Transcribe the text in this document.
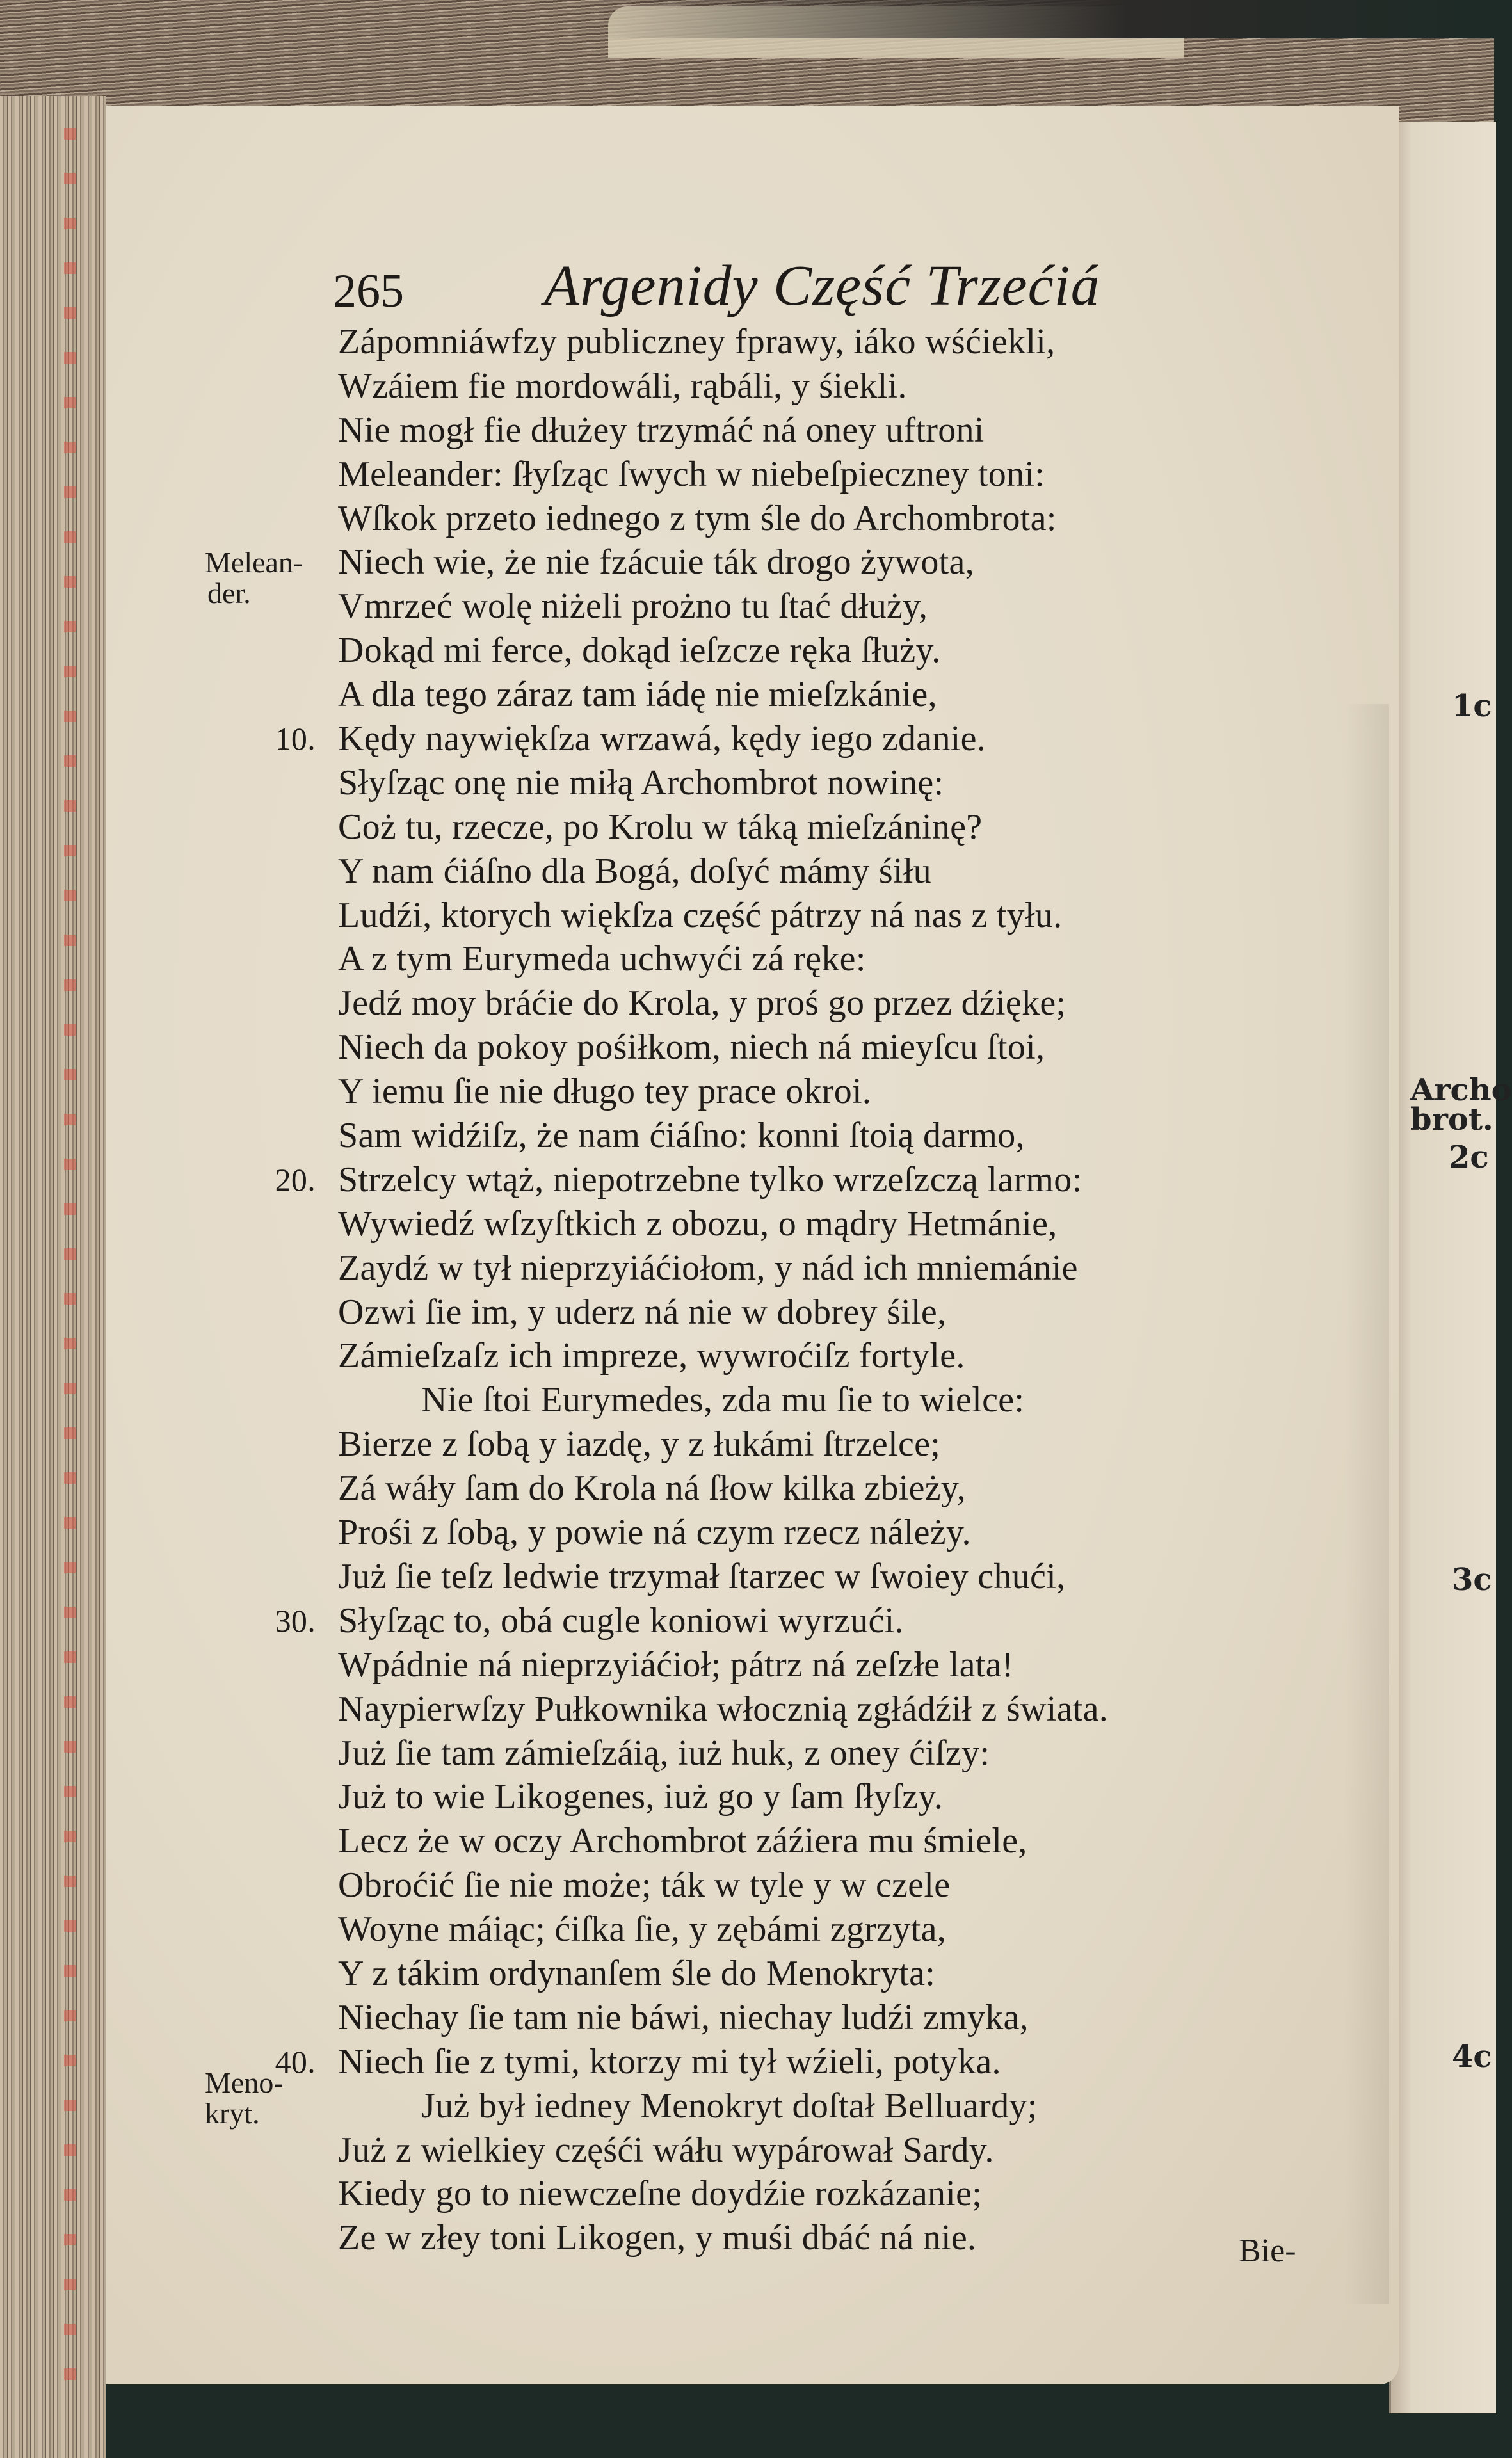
1c
Archo
brot.
2c
3c
4c
265 Argenidy Część Trzećiá
Zápomniáwfzy publiczney fprawy, iáko wśćiekli,
Wzáiem fie mordowáli, rąbáli, y śiekli.
Nie mogł fie dłużey trzymáć ná oney uftroni
Meleander: ſłyſząc ſwych w niebeſpieczney toni:
Wſkok przeto iednego z tym śle do Archombrota:
Niech wie, że nie fzácuie ták drogo żywota,
Vmrzeć wolę niżeli prożno tu ſtać dłuży,
Dokąd mi ferce, dokąd ieſzcze ręka ſłuży.
A dla tego záraz tam iádę nie mieſzkánie,
10. Kędy naywiękſza wrzawá, kędy iego zdanie.
Słyſząc onę nie miłą Archombrot nowinę:
Coż tu, rzecze, po Krolu w táką mieſzáninę?
Y nam ćiáſno dla Bogá, doſyć mámy śiłu
Ludźi, ktorych więkſza część pátrzy ná nas z tyłu.
A z tym Eurymeda uchwyći zá ręke:
Jedź moy bráćie do Krola, y proś go przez dźięke;
Niech da pokoy pośiłkom, niech ná mieyſcu ſtoi,
Y iemu ſie nie długo tey prace okroi.
Sam widźiſz, że nam ćiáſno: konni ſtoią darmo,
20. Strzelcy wtąż, niepotrzebne tylko wrzeſzczą larmo:
Wywiedź wſzyſtkich z obozu, o mądry Hetmánie,
Zaydź w tył nieprzyiáćiołom, y nád ich mniemánie
Ozwi ſie im, y uderz ná nie w dobrey śile,
Zámieſzaſz ich impreze, wywroćiſz fortyle.
Nie ſtoi Eurymedes, zda mu ſie to wielce:
Bierze z ſobą y iazdę, y z łukámi ſtrzelce;
Zá wáły ſam do Krola ná ſłow kilka zbieży,
Prośi z ſobą, y powie ná czym rzecz náleży.
Już ſie teſz ledwie trzymał ſtarzec w ſwoiey chući,
30. Słyſząc to, obá cugle koniowi wyrzući.
Wpádnie ná nieprzyiáćioł; pátrz ná zeſzłe lata!
Naypierwſzy Pułkownika włocznią zgłádźił z świata.
Już ſie tam zámieſzáią, iuż huk, z oney ćiſzy:
Już to wie Likogenes, iuż go y ſam ſłyſzy.
Lecz że w oczy Archombrot záźiera mu śmiele,
Obroćić ſie nie może; ták w tyle y w czele
Woyne máiąc; ćiſka ſie, y zębámi zgrzyta,
Y z tákim ordynanſem śle do Menokryta:
Niechay ſie tam nie báwi, niechay ludźi zmyka,
40. Niech ſie z tymi, ktorzy mi tył wźieli, potyka.
Już był iedney Menokryt doſtał Belluardy;
Już z wielkiey częśći wáłu wypárował Sardy.
Kiedy go to niewczeſne doydźie rozkázanie;
Ze w złey toni Likogen, y muśi dbáć ná nie.
Melean-
der.
Meno-
kryt.
Bie-
